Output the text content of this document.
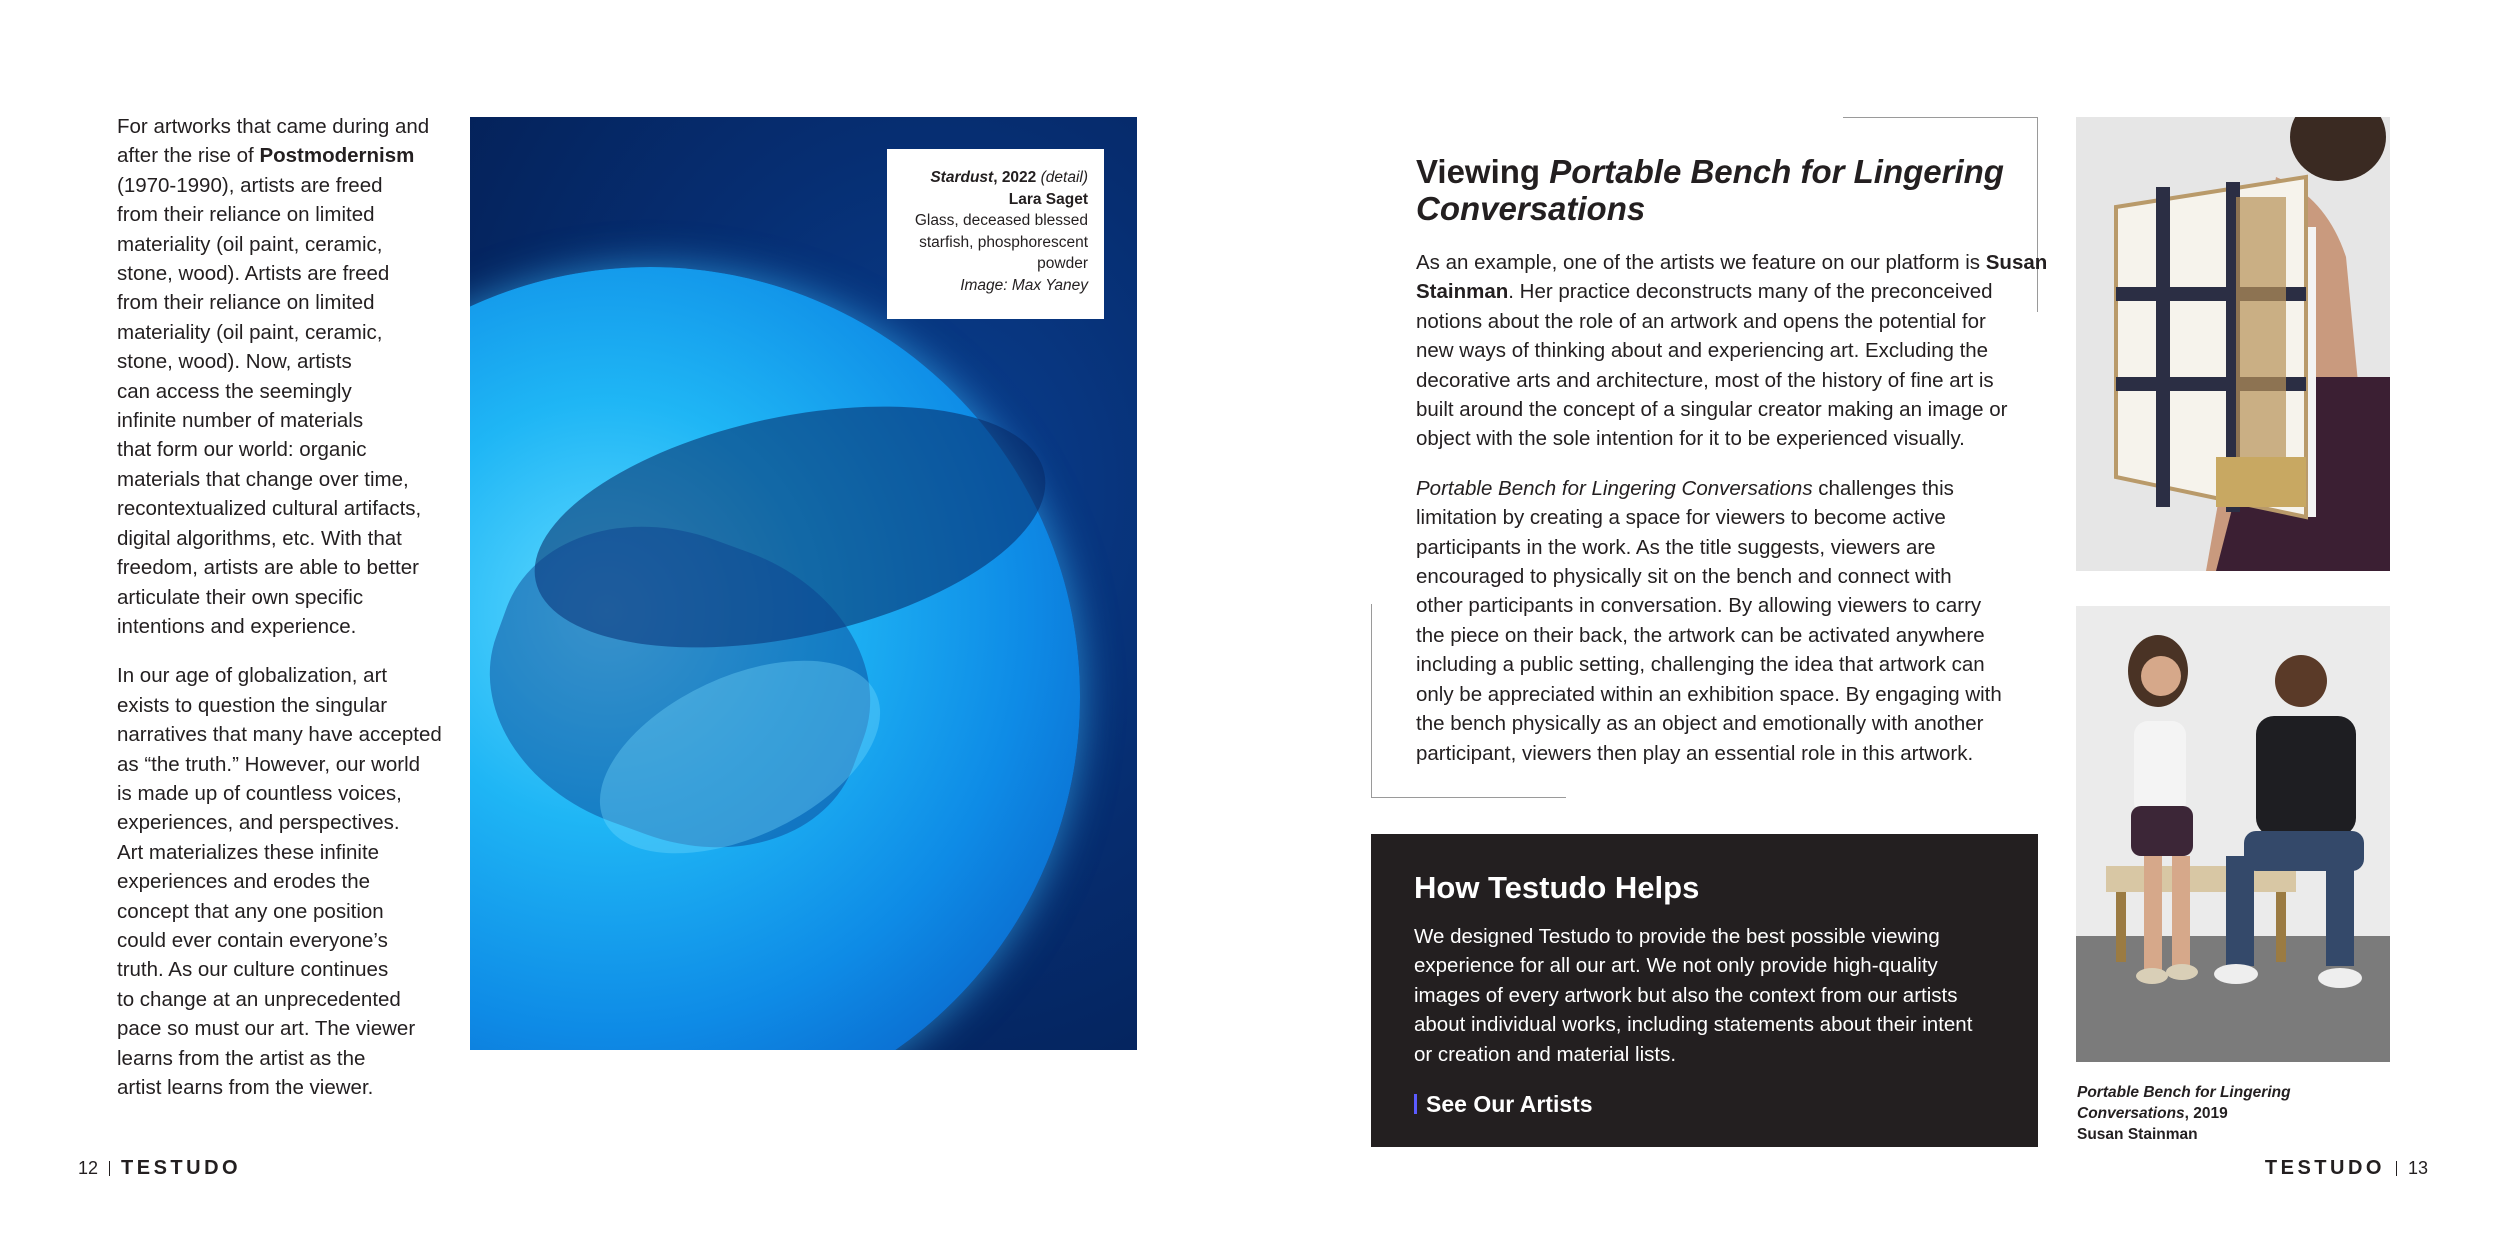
For artworks that came during and
after the rise of Postmodernism
(1970-1990), artists are freed
from their reliance on limited
materiality (oil paint, ceramic,
stone, wood). Artists are freed
from their reliance on limited
materiality (oil paint, ceramic,
stone, wood). Now, artists
can access the seemingly
infinite number of materials
that form our world: organic
materials that change over time,
recontextualized cultural artifacts,
digital algorithms, etc. With that
freedom, artists are able to better
articulate their own specific
intentions and experience.

In our age of globalization, art
exists to question the singular
narratives that many have accepted
as “the truth.” However, our world
is made up of countless voices,
experiences, and perspectives.
Art materializes these infinite
experiences and erodes the
concept that any one position
could ever contain everyone’s
truth. As our culture continues
to change at an unprecedented
pace so must our art. The viewer
learns from the artist as the
artist learns from the viewer.

Stardust, 2022 (detail)
Lara Saget
Glass, deceased blessed
starfish, phosphorescent
powder
Image: Max Yaney
Viewing Portable Bench for Lingering
Conversations

As an example, one of the artists we feature on our platform is Susan
Stainman. Her practice deconstructs many of the preconceived
notions about the role of an artwork and opens the potential for
new ways of thinking about and experiencing art. Excluding the
decorative arts and architecture, most of the history of fine art is
built around the concept of a singular creator making an image or
object with the sole intention for it to be experienced visually.

Portable Bench for Lingering Conversations challenges this
limitation by creating a space for viewers to become active
participants in the work. As the title suggests, viewers are
encouraged to physically sit on the bench and connect with
other participants in conversation. By allowing viewers to carry
the piece on their back, the artwork can be activated anywhere
including a public setting, challenging the idea that artwork can
only be appreciated within an exhibition space. By engaging with
the bench physically as an object and emotionally with another
participant, viewers then play an essential role in this artwork.

How Testudo Helps
We designed Testudo to provide the best possible viewing
experience for all our art. We not only provide high-quality
images of every artwork but also the context from our artists
about individual works, including statements about their intent
or creation and material lists.
See Our Artists	Portable Bench for Lingering
Conversations, 2019
Susan Stainman
12 TESTUDO	TESTUDO 13
